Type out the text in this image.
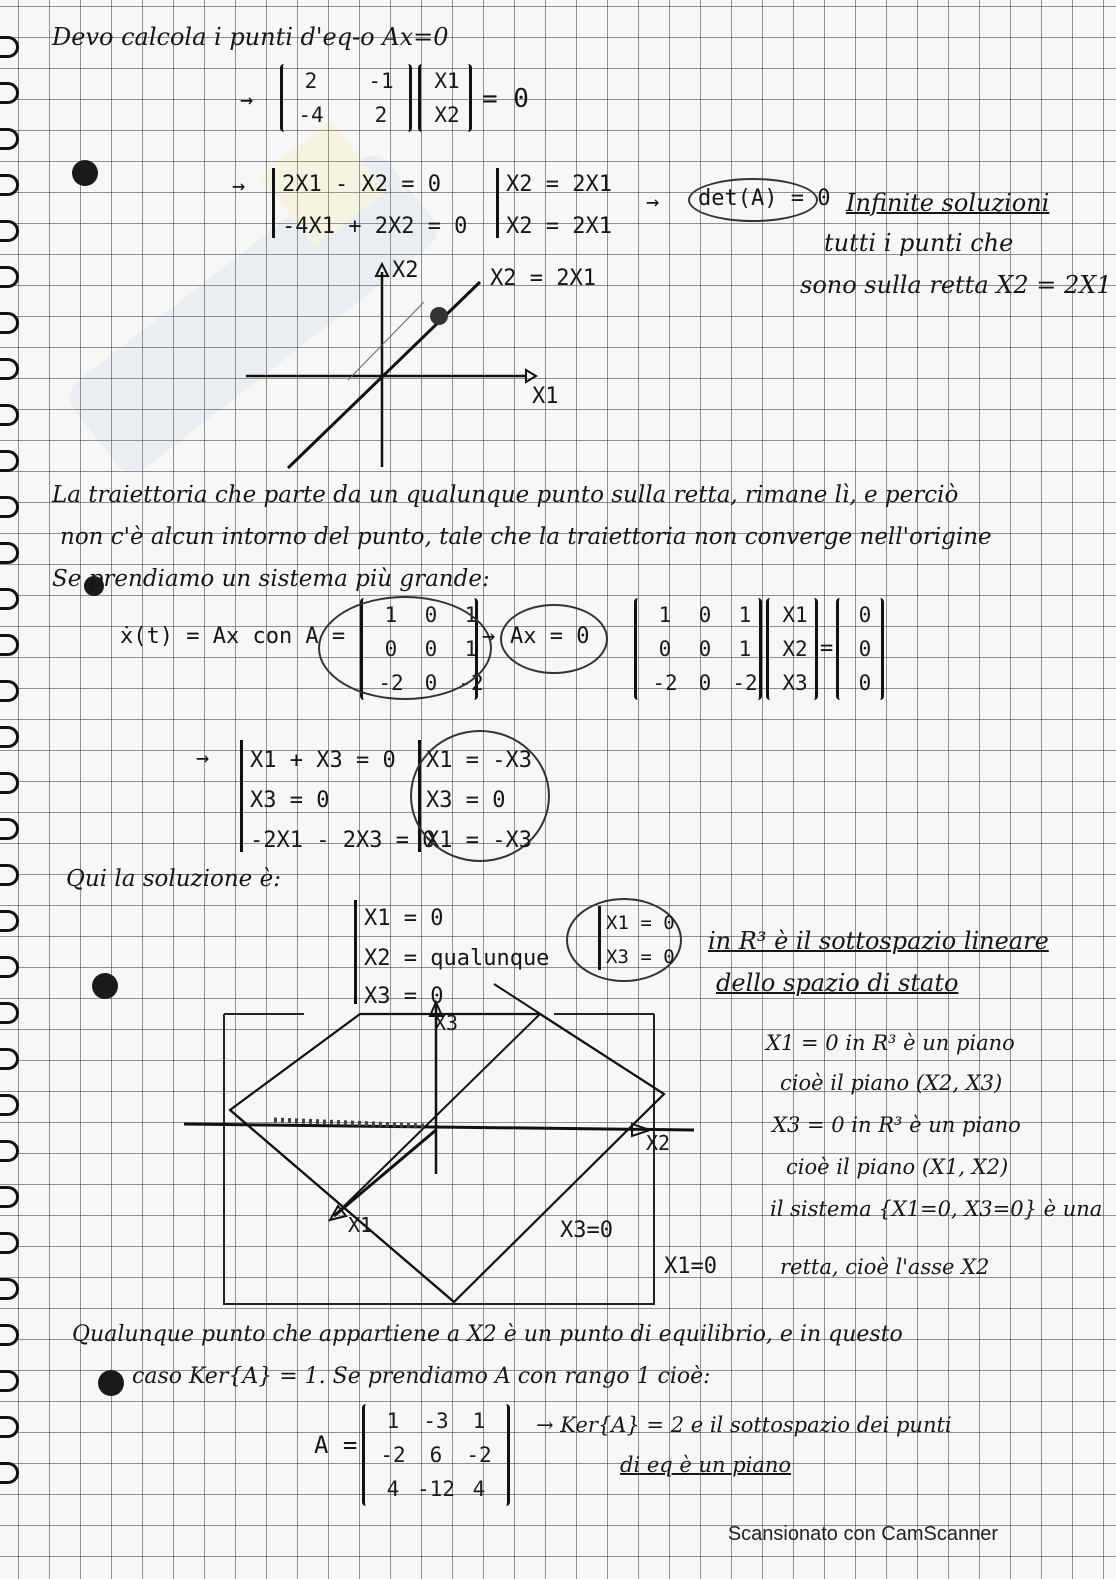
Devo calcola i punti d'eq-o Ax=0
→
2	-1
-4	2
X1
X2
= 0
→ 2X1 - X2 = 0
-4X1 + 2X2 = 0
X2 = 2X1
X2 = 2X1
→ det(A) = 0 Infinite soluzioni
tutti i punti che
sono sulla retta X2 = 2X1
X2
X1
X2 = 2X1
La traiettoria che parte da un qualunque punto sulla retta, rimane lì, e perciò
non c'è alcun intorno del punto, tale che la traiettoria non converge nell'origine
Se prendiamo un sistema più grande:
ẋ(t) = Ax con A =
1	0	1
0	0	1
-2	0	-2
→ Ax = 0
1	0	1
0	0	1
-2	0	-2
X1
X2
X3
=
0
0
0
→ X1 + X3 = 0
X3 = 0
-2X1 - 2X3 = 0
X1 = -X3
X3 = 0
X1 = -X3
Qui la soluzione è:
X1 = 0
X2 = qualunque
X3 = 0
X1 = 0
X3 = 0
in R³ è il sottospazio lineare
dello spazio di stato
X3
X2
X1	X3=0
X1=0
X1 = 0 in R³ è un piano
cioè il piano (X2, X3)
X3 = 0 in R³ è un piano
cioè il piano (X1, X2)
il sistema {X1=0, X3=0} è una
retta, cioè l'asse X2
Qualunque punto che appartiene a X2 è un punto di equilibrio, e in questo
caso Ker{A} = 1. Se prendiamo A con rango 1 cioè:
A =
1	-3	1
-2	6	-2
4 -12 4
→ Ker{A} = 2 e il sottospazio dei punti
di eq è un piano
Scansionato con CamScanner
